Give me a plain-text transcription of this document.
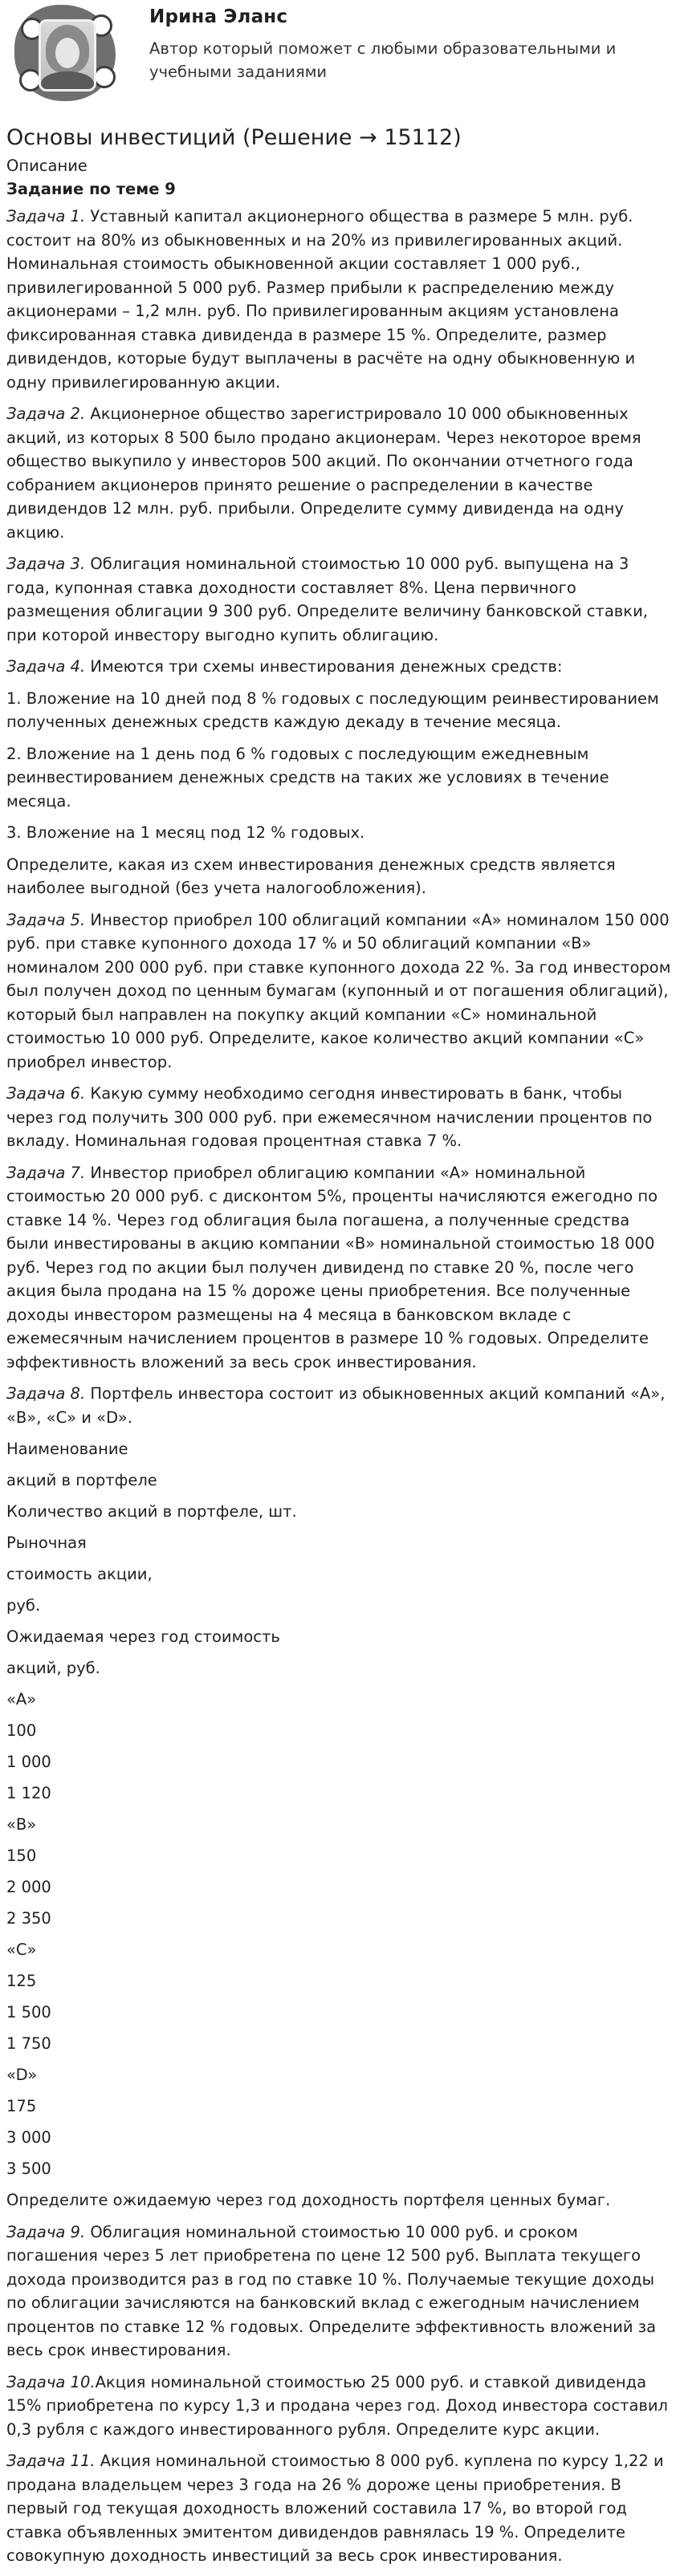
Ирина Эланс
Автор который поможет с любыми образовательными и учебными заданиями
Основы инвестиций (Решение → 15112)
Описание
Задание по теме 9
Задача 1. Уставный капитал акционерного общества в размере 5 млн. руб. состоит на 80% из обыкновенных и на 20% из привилегированных акций. Номинальная стоимость обыкновенной акции составляет 1 000 руб., привилегированной 5 000 руб. Размер прибыли к распределению между акционерами – 1,2 млн. руб. По привилегированным акциям установлена фиксированная ставка дивиденда в размере 15 %. Определите, размер дивидендов, которые будут выплачены в расчёте на одну обыкновенную и одну привилегированную акции.
Задача 2. Акционерное общество зарегистрировало 10 000 обыкновенных акций, из которых 8 500 было продано акционерам. Через некоторое время общество выкупило у инвесторов 500 акций. По окончании отчетного года собранием акционеров принято решение о распределении в качестве дивидендов 12 млн. руб. прибыли. Определите сумму дивиденда на одну акцию.
Задача 3. Облигация номинальной стоимостью 10 000 руб. выпущена на 3 года, купонная ставка доходности составляет 8%. Цена первичного размещения облигации 9 300 руб. Определите величину банковской ставки, при которой инвестору выгодно купить облигацию.
Задача 4. Имеются три схемы инвестирования денежных средств:
1. Вложение на 10 дней под 8 % годовых с последующим реинвестированием полученных денежных средств каждую декаду в течение месяца.
2. Вложение на 1 день под 6 % годовых с последующим ежедневным реинвестированием денежных средств на таких же условиях в течение месяца.
3. Вложение на 1 месяц под 12 % годовых.
Определите, какая из схем инвестирования денежных средств является наиболее выгодной (без учета налогообложения).
Задача 5. Инвестор приобрел 100 облигаций компании «А» номиналом 150 000 руб. при ставке купонного дохода 17 % и 50 облигаций компании «В» номиналом 200 000 руб. при ставке купонного дохода 22 %. За год инвестором был получен доход по ценным бумагам (купонный и от погашения облигаций), который был направлен на покупку акций компании «С» номинальной стоимостью 10 000 руб. Определите, какое количество акций компании «С» приобрел инвестор.
Задача 6. Какую сумму необходимо сегодня инвестировать в банк, чтобы через год получить 300 000 руб. при ежемесячном начислении процентов по вкладу. Номинальная годовая процентная ставка 7 %.
Задача 7. Инвестор приобрел облигацию компании «А» номинальной стоимостью 20 000 руб. с дисконтом 5%, проценты начисляются ежегодно по ставке 14 %. Через год облигация была погашена, а полученные средства были инвестированы в акцию компании «В» номинальной стоимостью 18 000 руб. Через год по акции был получен дивиденд по ставке 20 %, после чего акция была продана на 15 % дороже цены приобретения. Все полученные доходы инвестором размещены на 4 месяца в банковском вкладе с ежемесячным начислением процентов в размере 10 % годовых. Определите эффективность вложений за весь срок инвестирования.
Задача 8. Портфель инвестора состоит из обыкновенных акций компаний «А», «В», «С» и «D».
Наименование
акций в портфеле
Количество акций в портфеле, шт.
Рыночная
стоимость акции,
руб.
Ожидаемая через год стоимость
акций, руб.
«А»
100
1 000
1 120
«В»
150
2 000
2 350
«С»
125
1 500
1 750
«D»
175
3 000
3 500
Определите ожидаемую через год доходность портфеля ценных бумаг.
Задача 9. Облигация номинальной стоимостью 10 000 руб. и сроком погашения через 5 лет приобретена по цене 12 500 руб. Выплата текущего дохода производится раз в год по ставке 10 %. Получаемые текущие доходы по облигации зачисляются на банковский вклад с ежегодным начислением процентов по ставке 12 % годовых. Определите эффективность вложений за весь срок инвестирования.
Задача 10.Акция номинальной стоимостью 25 000 руб. и ставкой дивиденда 15% приобретена по курсу 1,3 и продана через год. Доход инвестора составил 0,3 рубля с каждого инвестированного рубля. Определите курс акции.
Задача 11. Акция номинальной стоимостью 8 000 руб. куплена по курсу 1,22 и продана владельцем через 3 года на 26 % дороже цены приобретения. В первый год текущая доходность вложений составила 17 %, во второй год ставка объявленных эмитентом дивидендов равнялась 19 %. Определите совокупную доходность инвестиций за весь срок инвестирования.
